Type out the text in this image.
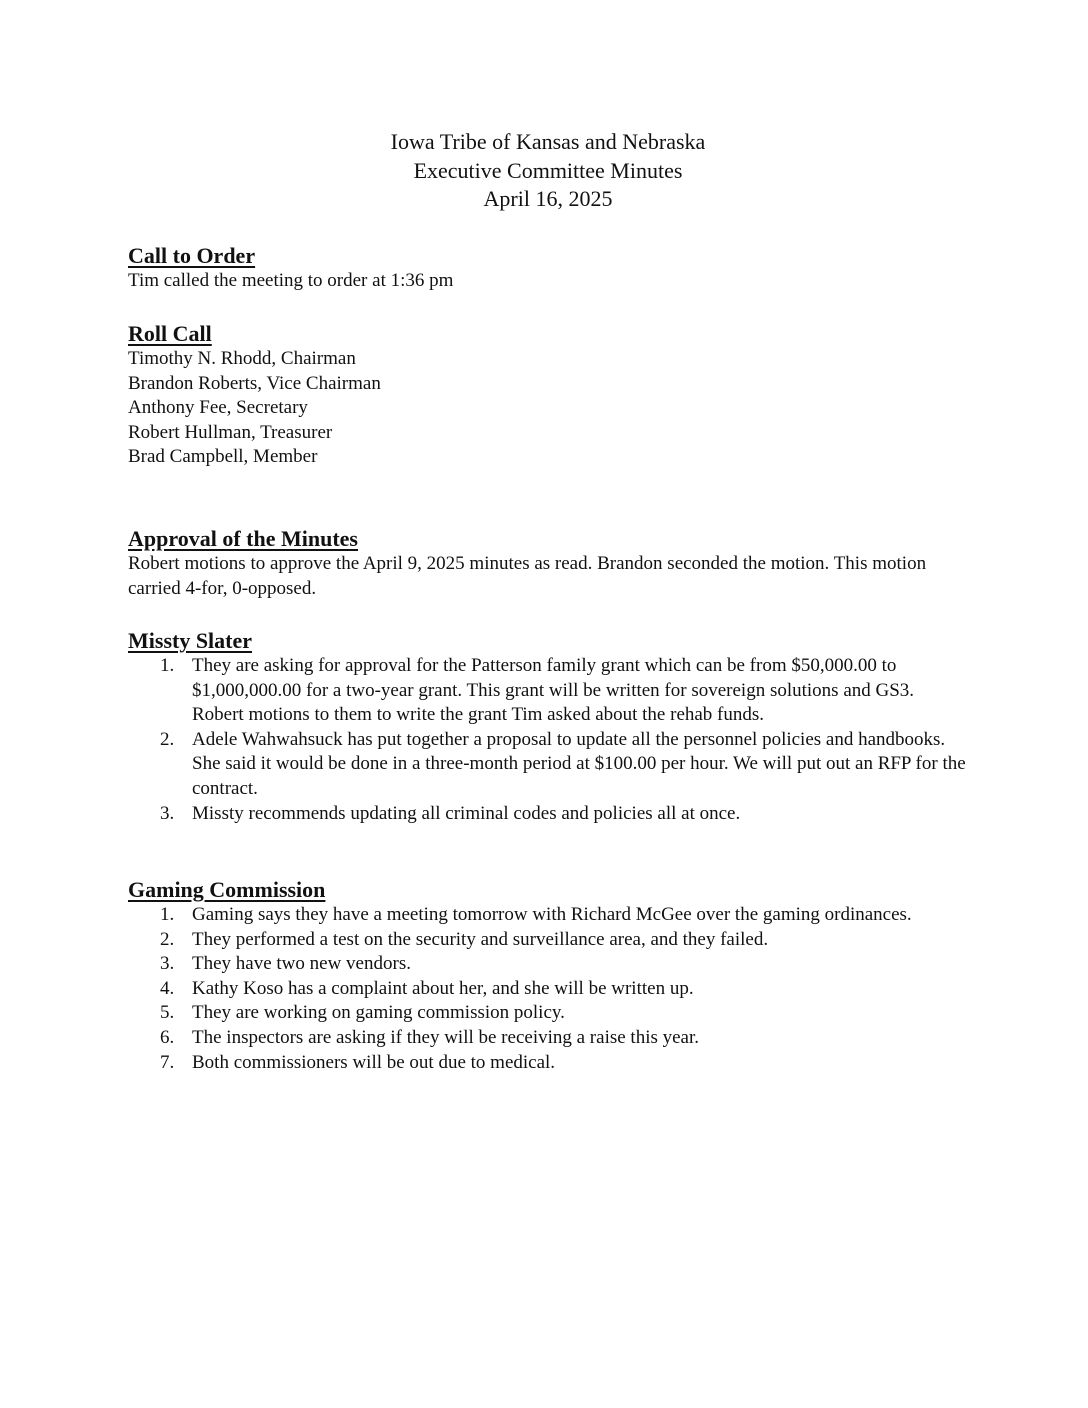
Iowa Tribe of Kansas and Nebraska
Executive Committee Minutes
April 16, 2025
Call to Order

Tim called the meeting to order at 1:36 pm

Roll Call
Timothy N. Rhodd, Chairman
Brandon Roberts, Vice Chairman
Anthony Fee, Secretary
Robert Hullman, Treasurer
Brad Campbell, Member
Approval of the Minutes

Robert motions to approve the April 9, 2025 minutes as read. Brandon seconded the motion. This motion carried 4-for, 0-opposed.

Missty Slater
1. They are asking for approval for the Patterson family grant which can be from $50,000.00 to $1,000,000.00 for a two-year grant. This grant will be written for sovereign solutions and GS3.
Robert motions to them to write the grant Tim asked about the rehab funds.
2. Adele Wahwahsuck has put together a proposal to update all the personnel policies and handbooks. She said it would be done in a three-month period at $100.00 per hour. We will put out an RFP for the contract.
3. Missty recommends updating all criminal codes and policies all at once.
Gaming Commission
1. Gaming says they have a meeting tomorrow with Richard McGee over the gaming ordinances.
2. They performed a test on the security and surveillance area, and they failed.
3. They have two new vendors.
4. Kathy Koso has a complaint about her, and she will be written up.
5. They are working on gaming commission policy.
6. The inspectors are asking if they will be receiving a raise this year.
7. Both commissioners will be out due to medical.
